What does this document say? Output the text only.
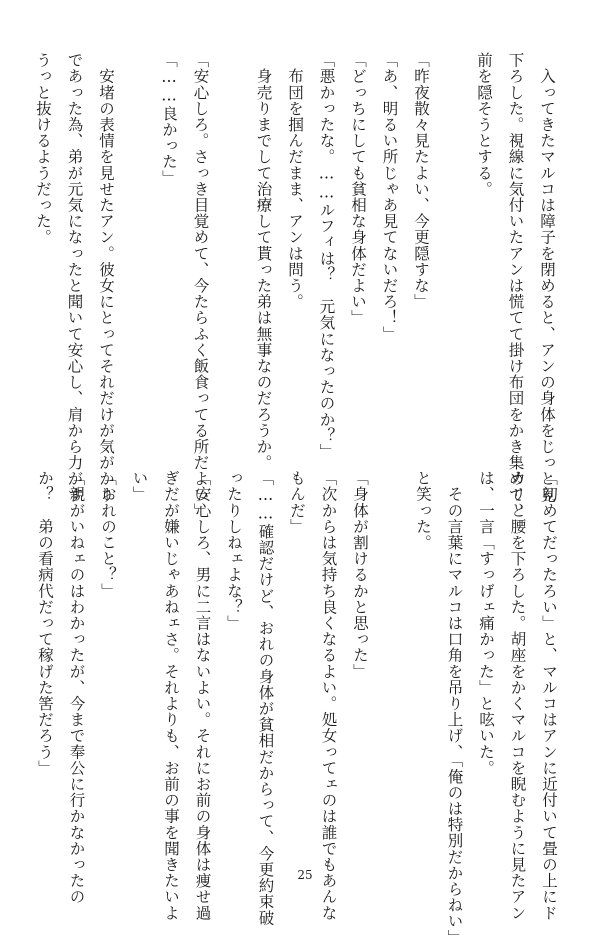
　入ってきたマルコは障子を閉めると、アンの身体をじっと見
下ろした。視線に気付いたアンは慌てて掛け布団をかき集めて、
前を隠そうとする。

「昨夜散々見たよい、今更隠すな」
「あ、明るい所じゃあ見てないだろ！」
「どっちにしても貧相な身体だよい」
「悪かったな。……ルフィは？　元気になったのか？」
　布団を掴んだまま、アンは問う。
　身売りまでして治療して貰った弟は無事なのだろうか。

「安心しろ。さっき目覚めて、今たらふく飯食ってる所だよい」
「……良かった」

　安堵の表情を見せたアン。彼女にとってそれだけが気がかり
であった為、弟が元気になったと聞いて安心し、肩から力がす
うっと抜けるようだった。

「初めてだったろい」と、マルコはアンに近付いて畳の上にド
カリと腰を下ろした。胡座をかくマルコを睨むように見たアン
は、一言「すっげェ痛かった」と呟いた。
　その言葉にマルコは口角を吊り上げ、「俺のは特別だからねい」
と笑った。

「身体が割けるかと思った」
「次からは気持ち良くなるよい。処女ってェのは誰でもあんな
もんだ」
「……確認だけど、おれの身体が貧相だからって、今更約束破
ったりしねェよな？」
「安心しろ、男に二言はないよい。それにお前の身体は痩せ過
ぎだが嫌いじゃあねェさ。それよりも、お前の事を聞きたいよ
い」
「おれのこと？」
「親がいねェのはわかったが、今まで奉公に行かなかったの
か？　弟の看病代だって稼げた筈だろう」

25
